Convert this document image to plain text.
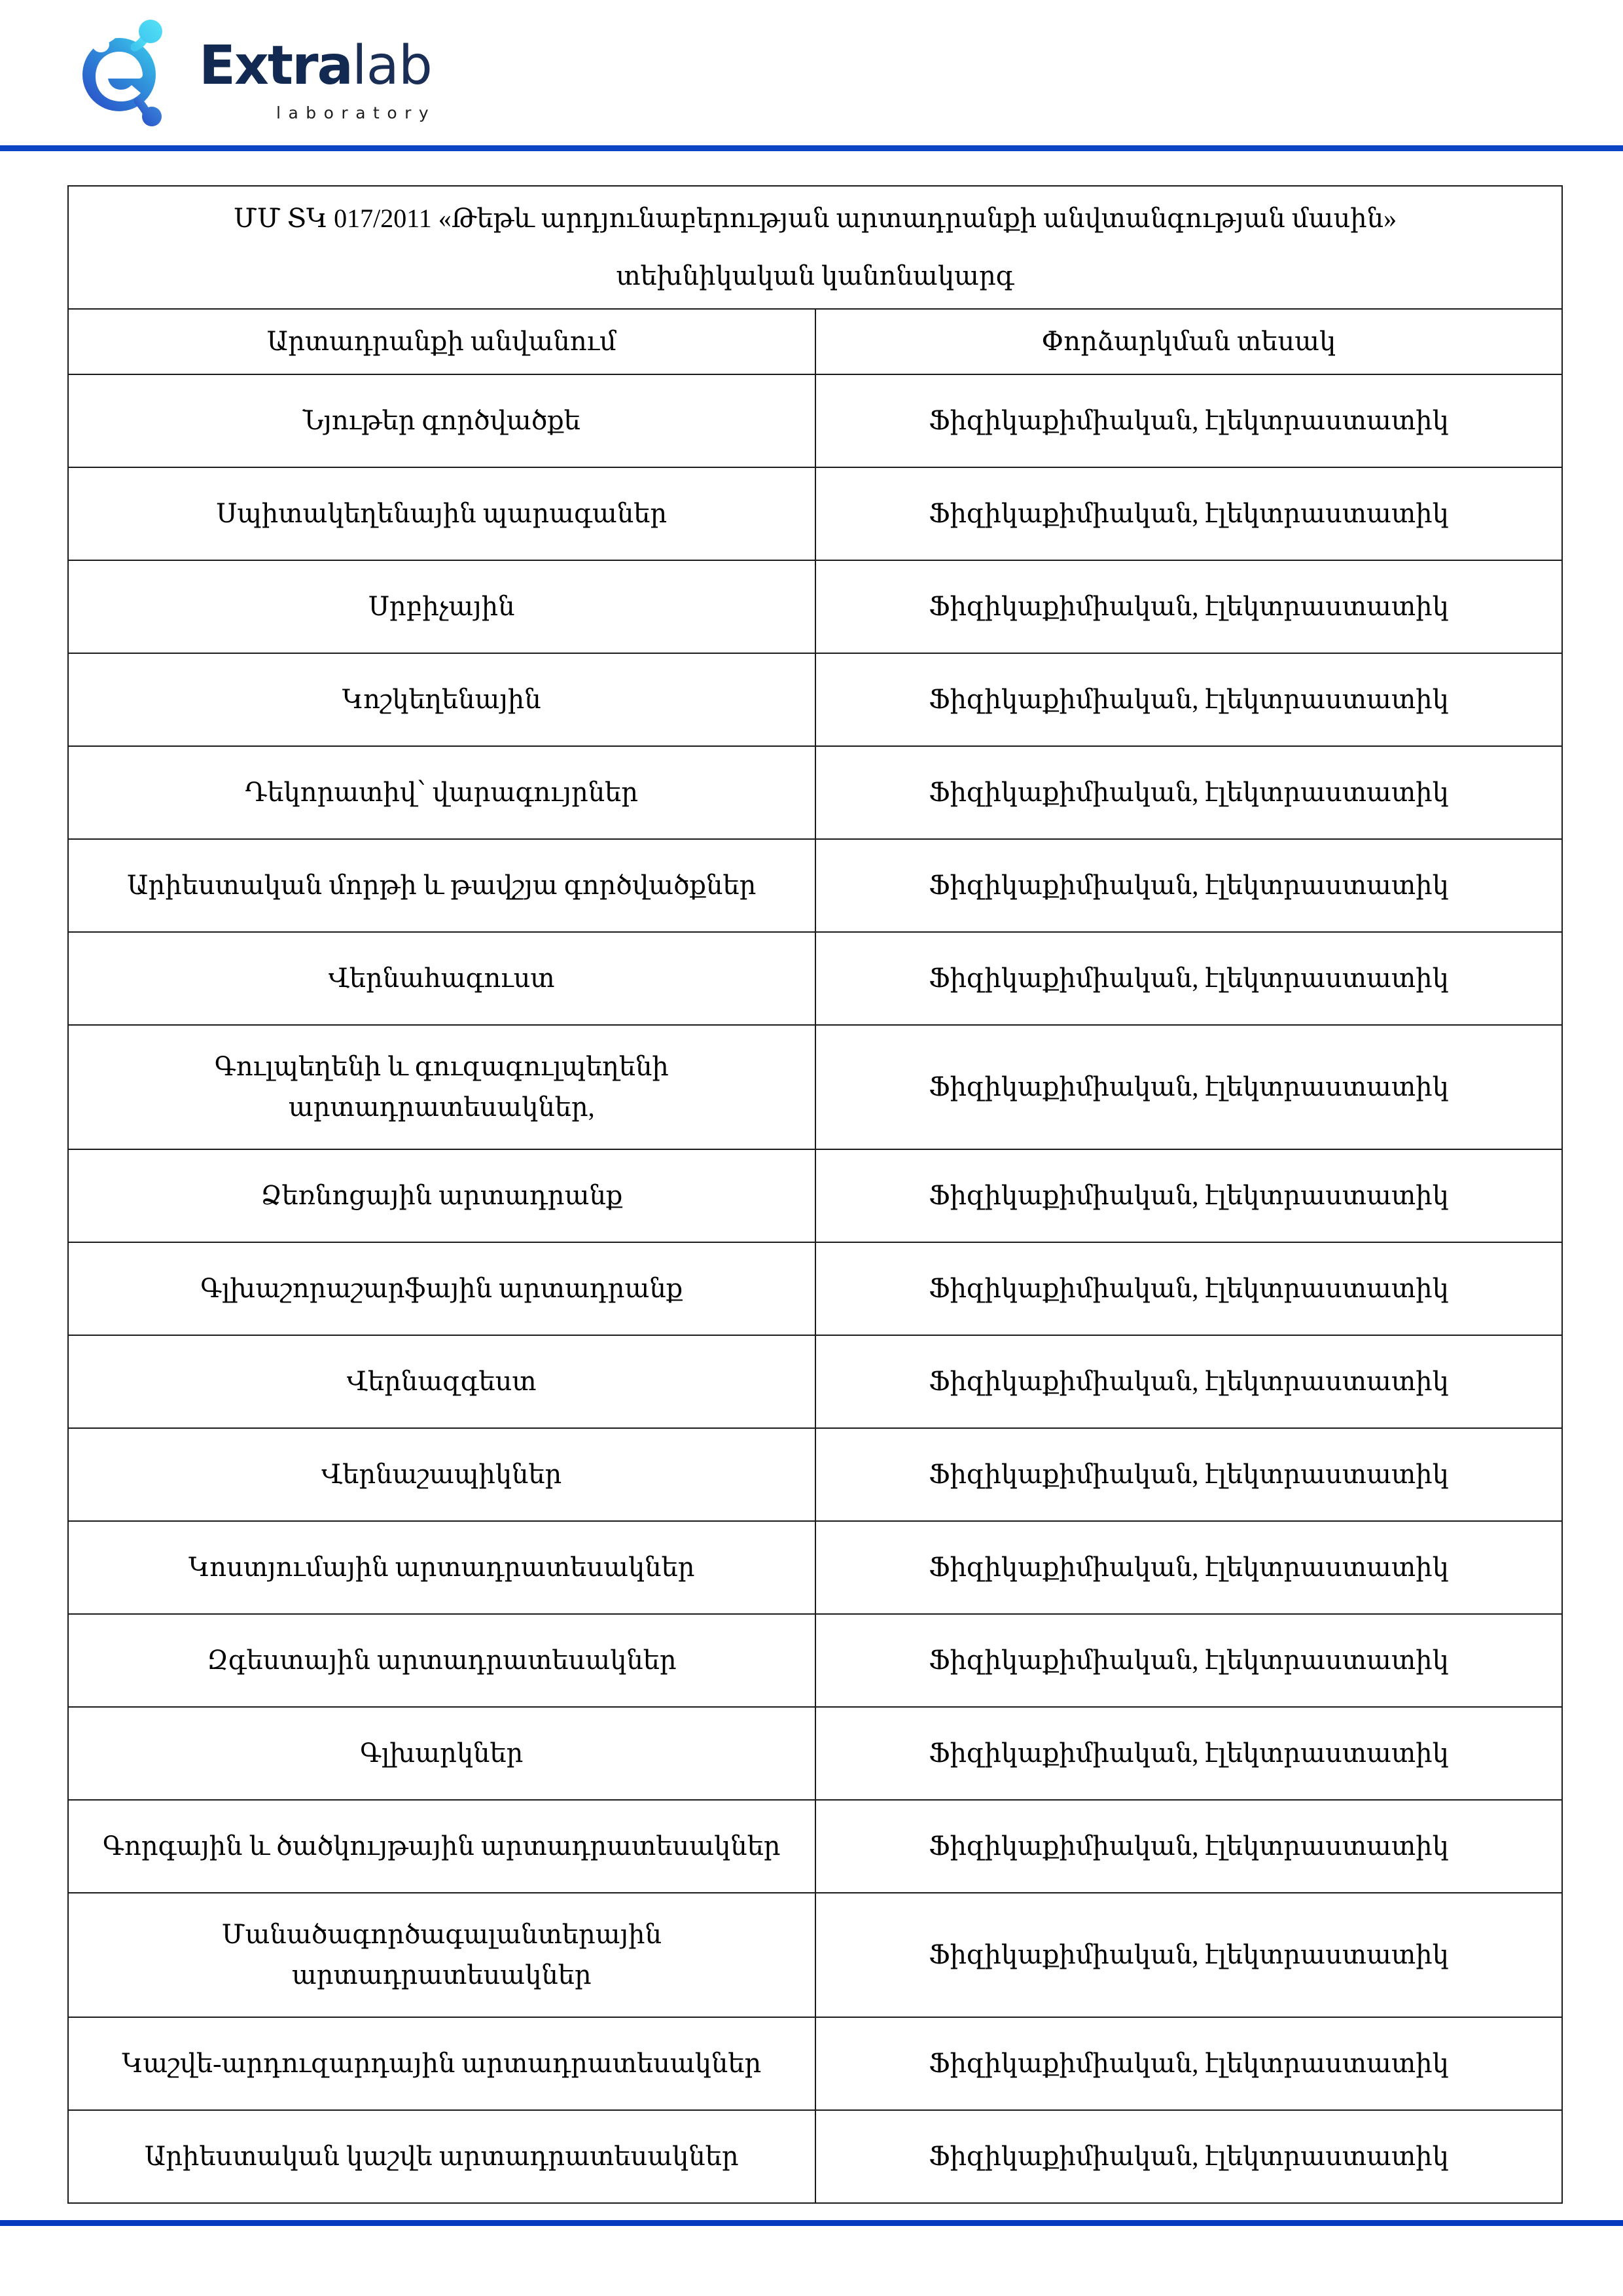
Extra lab
laboratory
ՄՄ ՏԿ 017/2011 «Թեթև արդյունաբերության արտադրանքի անվտանգության մասին»
տեխնիկական կանոնակարգ	

Արտադրանքի անվանում	Փորձարկման տեսակ
Նյութեր գործվածքե	Ֆիզիկաքիմիական, էլեկտրաստատիկ
Սպիտակեղենային պարագաներ	Ֆիզիկաքիմիական, էլեկտրաստատիկ
Սրբիչային	Ֆիզիկաքիմիական, էլեկտրաստատիկ
Կոշկեղենային	Ֆիզիկաքիմիական, էլեկտրաստատիկ
Դեկորատիվ՝ վարագույրներ	Ֆիզիկաքիմիական, էլեկտրաստատիկ
Արիեստական մորթի և թավշյա գործվածքներ	Ֆիզիկաքիմիական, էլեկտրաստատիկ
Վերնահագուստ	Ֆիզիկաքիմիական, էլեկտրաստատիկ
Գուլպեղենի և գուզագուլպեղենի արտադրատեսակներ,	Ֆիզիկաքիմիական, էլեկտրաստատիկ
Ձեռնոցային արտադրանք	Ֆիզիկաքիմիական, էլեկտրաստատիկ
Գլխաշորաշարֆային արտադրանք	Ֆիզիկաքիմիական, էլեկտրաստատիկ
Վերնազգեստ	Ֆիզիկաքիմիական, էլեկտրաստատիկ
Վերնաշապիկներ	Ֆիզիկաքիմիական, էլեկտրաստատիկ
Կոստյումային արտադրատեսակներ	Ֆիզիկաքիմիական, էլեկտրաստատիկ
Զգեստային արտադրատեսակներ	Ֆիզիկաքիմիական, էլեկտրաստատիկ
Գլխարկներ	Ֆիզիկաքիմիական, էլեկտրաստատիկ
Գորգային և ծածկույթային արտադրատեսակներ	Ֆիզիկաքիմիական, էլեկտրաստատիկ
Մանածագործագալանտերային արտադրատեսակներ	Ֆիզիկաքիմիական, էլեկտրաստատիկ
Կաշվե-արդուզարդային արտադրատեսակներ	Ֆիզիկաքիմիական, էլեկտրաստատիկ
Արիեստական կաշվե արտադրատեսակներ	Ֆիզիկաքիմիական, էլեկտրաստատիկ
